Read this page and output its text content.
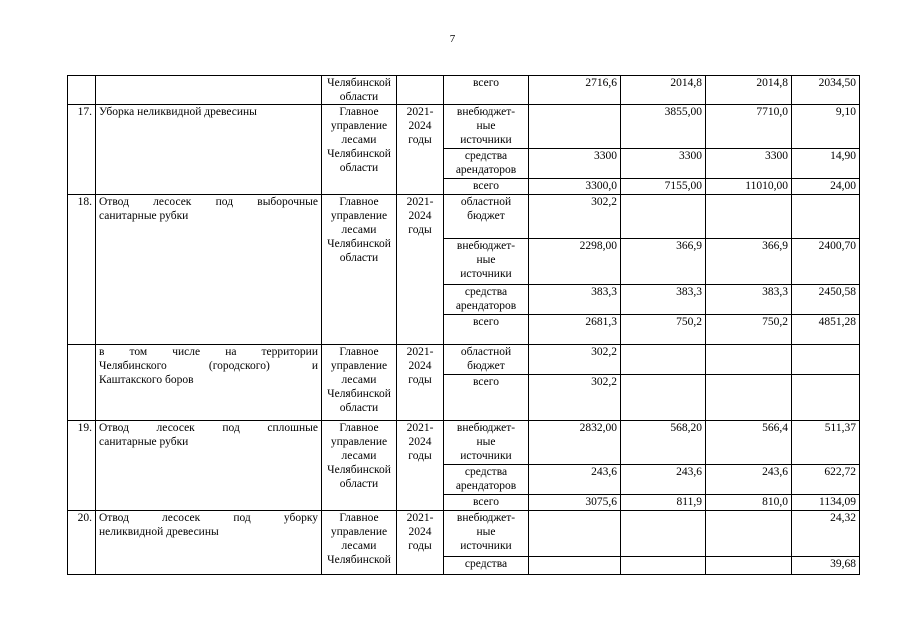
7

		Челябинской
области		всего	2716,6	2014,8	2014,8	2034,50
17.	Уборка неликвидной древесины	Главное
управление
лесами
Челябинской
области	2021-
2024
годы	внебюджет-
ные
источники		3855,00	7710,0	9,10

				средства
арендаторов	3300	3300	3300	14,90

				всего	3300,0	7155,00	11010,00	24,00
18.	Отвод лесосек под выборочные
санитарные рубки	Главное
управление
лесами
Челябинской
области	2021-
2024
годы	областной
бюджет	302,2			

				внебюджет-
ные
источники	2298,00	366,9	366,9	2400,70

				средства
арендаторов	383,3	383,3	383,3	2450,58

				всего	2681,3	750,2	750,2	4851,28

	в том числе на территории
Челябинского (городского) и
Каштакского боров	Главное
управление
лесами
Челябинской
области	2021-
2024
годы	областной
бюджет	302,2			

				всего	302,2			
19.	Отвод лесосек под сплошные
санитарные рубки	Главное
управление
лесами
Челябинской
области	2021-
2024
годы	внебюджет-
ные
источники	2832,00	568,20	566,4	511,37

				средства
арендаторов	243,6	243,6	243,6	622,72

				всего	3075,6	811,9	810,0	1134,09
20.	Отвод лесосек под уборку
неликвидной древесины	Главное
управление
лесами
Челябинской	2021-
2024
годы	внебюджет-
ные
источники				24,32

				средства				39,68
